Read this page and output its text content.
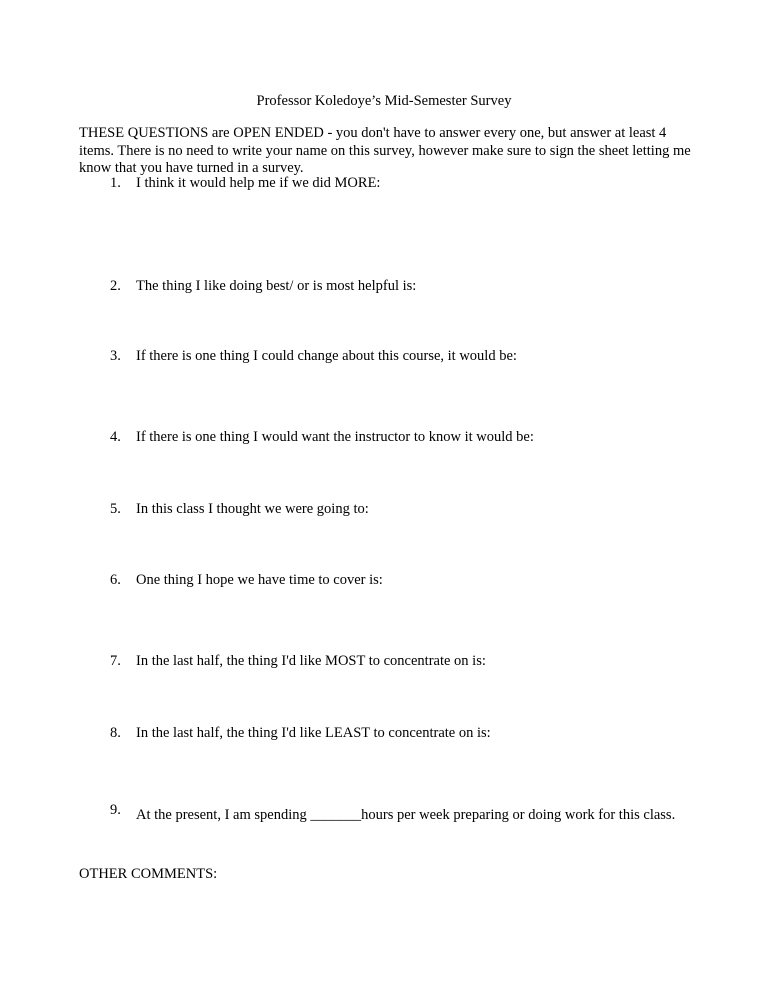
Professor Koledoye’s Mid-Semester Survey
THESE QUESTIONS are OPEN ENDED - you don't have to answer every one, but answer at least 4 items. There is no need to write your name on this survey, however make sure to sign the sheet letting me know that you have turned in a survey.
1.	I think it would help me if we did MORE:
2.	The thing I like doing best/ or is most helpful is:
3.	If there is one thing I could change about this course, it would be:
4.	If there is one thing I would want the instructor to know it would be:
5.	In this class I thought we were going to:
6.	One thing I hope we have time to cover is:
7.	In the last half, the thing I'd like MOST to concentrate on is:
8.	In the last half, the thing I'd like LEAST to concentrate on is:
9.	At the present, I am spending _______hours per week preparing or doing work for this class.
OTHER COMMENTS:
